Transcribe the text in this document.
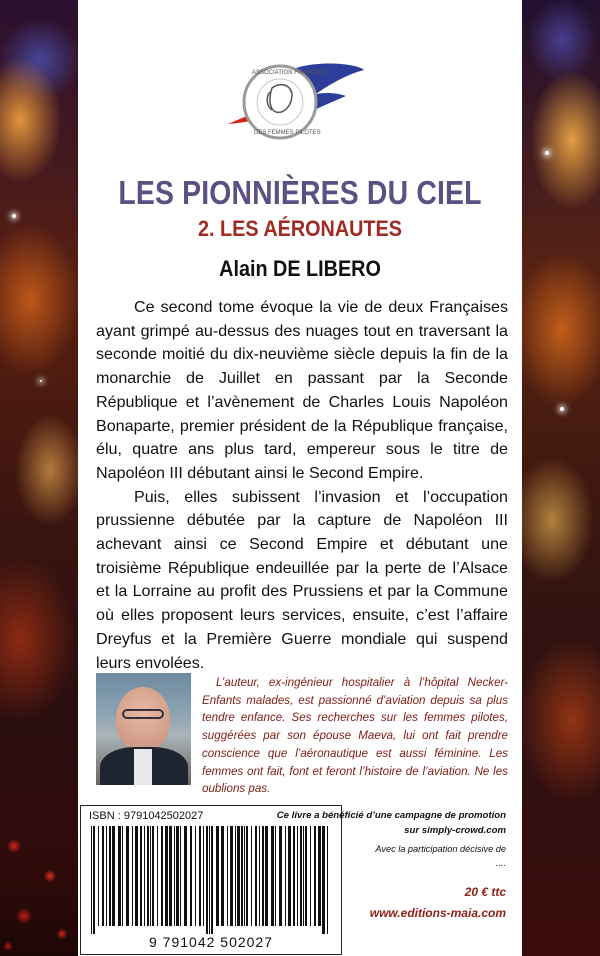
ASSOCIATION FRANÇAISE
DES FEMMES PILOTES
LES PIONNIÈRES DU CIEL
2. LES AÉRONAUTES
Alain DE LIBERO

Ce second tome évoque la vie de deux Françaises ayant grimpé au-dessus des nuages tout en traversant la seconde moitié du dix-neuvième siècle depuis la fin de la monarchie de Juillet en passant par la Seconde République et l’avènement de Charles Louis Napoléon Bonaparte, premier président de la République française, élu, quatre ans plus tard, empereur sous le titre de Napoléon III débutant ainsi le Second Empire.

Puis, elles subissent l’invasion et l’occupation prussienne débutée par la capture de Napoléon III achevant ainsi ce Second Empire et débutant une troisième République endeuillée par la perte de l’Alsace et la Lorraine au profit des Prussiens et par la Commune où elles proposent leurs services, ensuite, c’est l’affaire Dreyfus et la Première Guerre mondiale qui suspend leurs envolées.

L’auteur, ex-ingénieur hospitalier à l’hôpital Necker-Enfants malades, est passionné d’aviation depuis sa plus tendre enfance. Ses recherches sur les femmes pilotes, suggérées par son épouse Maeva, lui ont fait prendre conscience que l’aéronautique est aussi féminine. Les femmes ont fait, font et feront l’histoire de l’aviation. Ne les oublions pas.

ISBN : 9791042502027
9 791042 502027
Ce livre a bénéficié d’une campagne de promotion
sur simply-crowd.com
Avec la participation décisive de
....
20 € ttc
www.editions-maia.com
